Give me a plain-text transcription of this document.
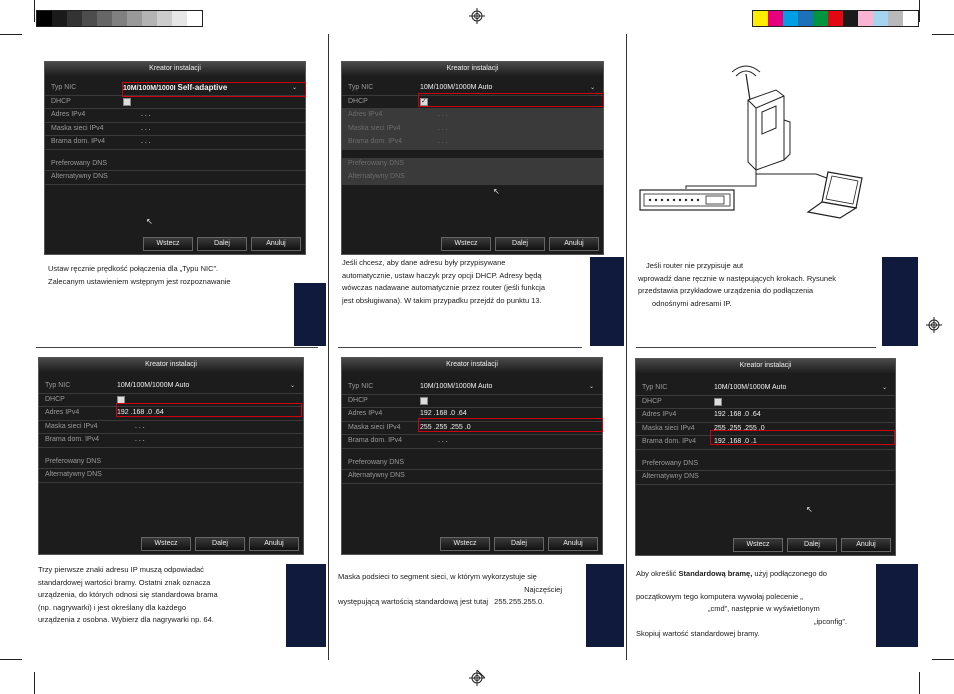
Kreator instalacji
Typ NIC	10M/100M/1000I Self-adaptive	⌄
DHCP
Adres IPv4	. . .
Maska sieci IPv4	. . .
Brama dom. IPv4	. . .
Preferowany DNS
Alternatywny DNS
↖
Wstecz	Dalej	Anuluj
Ustaw ręcznie prędkość połączenia dla „Typu NIC”.
Zalecanym ustawieniem wstępnym jest rozpoznawanie
Kreator instalacji
Typ NIC	10M/100M/1000M Auto	⌄
DHCP
✓
Adres IPv4	. . .
Maska sieci IPv4	. . .
Brama dom. IPv4	. . .
Preferowany DNS
Alternatywny DNS
↖
Wstecz	Dalej	Anuluj
Jeśli chcesz, aby dane adresu były przypisywane
automatycznie, ustaw haczyk przy opcji DHCP. Adresy będą
wówczas nadawane automatycznie przez router (jeśli funkcja
jest obsługiwana). W takim przypadku przejdź do punktu 13.
Jeśli router nie przypisuje aut
wprowadź dane ręcznie w następujących krokach. Rysunek
przedstawia przykładowe urządzenia do podłączenia
odnośnymi adresami IP.
Kreator instalacji
Typ NIC	10M/100M/1000M Auto	⌄
DHCP
Adres IPv4	192 .168 .0 .64
Maska sieci IPv4	. . .
Brama dom. IPv4	. . .
Preferowany DNS
Alternatywny DNS
Wstecz	Dalej	Anuluj
Trzy pierwsze znaki adresu IP muszą odpowiadać
standardowej wartości bramy. Ostatni znak oznacza
urządzenia, do których odnosi się standardowa brama
(np. nagrywarki) i jest określany dla każdego
urządzenia z osobna. Wybierz dla nagrywarki np. 64.
Kreator instalacji
Typ NIC	10M/100M/1000M Auto	⌄
DHCP
Adres IPv4	192 .168 .0 .64
Maska sieci IPv4	255 .255 .255 .0
Brama dom. IPv4	. . .
Preferowany DNS
Alternatywny DNS
Wstecz	Dalej	Anuluj
Maska podsieci to segment sieci, w którym wykorzystuje się
Najczęściej
występującą wartością standardową jest tutaj 255.255.255.0.
Kreator instalacji
Typ NIC	10M/100M/1000M Auto	⌄
DHCP
Adres IPv4	192 .168 .0 .64
Maska sieci IPv4	255 .255 .255 .0
Brama dom. IPv4	192 .168 .0 .1
Preferowany DNS
Alternatywny DNS
↖
Wstecz	Dalej	Anuluj
Aby określić Standardową bramę, użyj podłączonego do
początkowym tego komputera wywołaj polecenie „
„cmd”, następnie w wyświetlonym
„ipconfig”.
Skopiuj wartość standardowej bramy.
